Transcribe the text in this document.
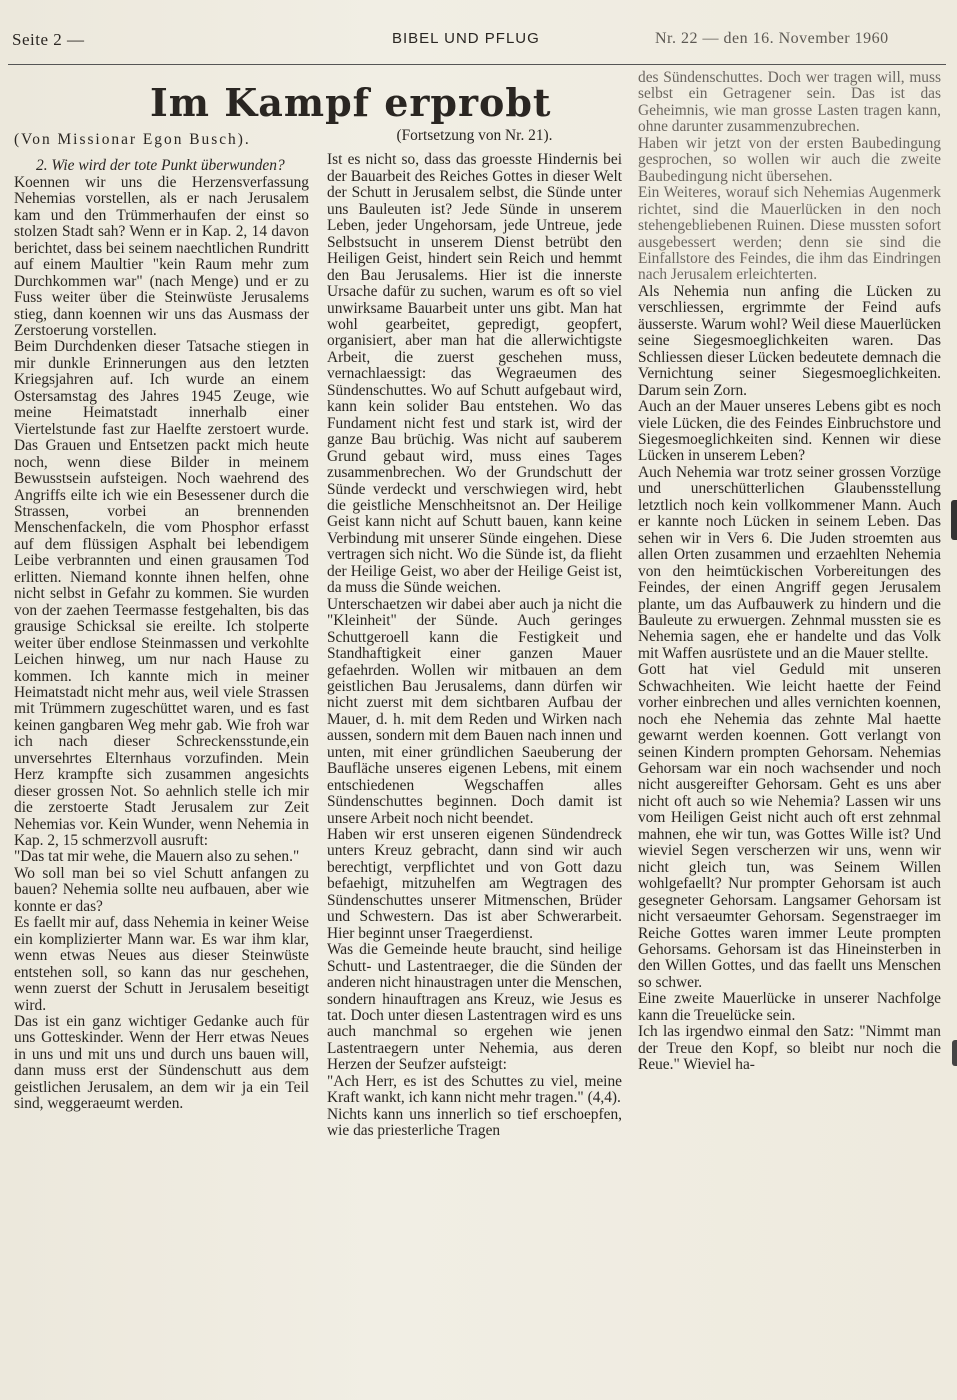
Seite 2 —	BIBEL UND PFLUG	Nr. 22 — den 16. November 1960
Im Kampf erprobt

(Von Missionar Egon Busch).

2. Wie wird der tote Punkt überwunden?

Koennen wir uns die Herzensverfassung Nehemias vorstellen, als er nach Jerusalem kam und den Trümmerhaufen der einst so stolzen Stadt sah? Wenn er in Kap. 2, 14 davon berichtet, dass bei seinem naechtlichen Rundritt auf einem Maultier "kein Raum mehr zum Durchkommen war" (nach Menge) und er zu Fuss weiter über die Steinwüste Jerusalems stieg, dann koennen wir uns das Ausmass der Zerstoerung vorstellen.

Beim Durchdenken dieser Tatsache stiegen in mir dunkle Erinnerungen aus den letzten Kriegsjahren auf. Ich wurde an einem Ostersamstag des Jahres 1945 Zeuge, wie meine Heimatstadt innerhalb einer Viertelstunde fast zur Haelfte zerstoert wurde. Das Grauen und Entsetzen packt mich heute noch, wenn diese Bilder in meinem Bewusstsein aufsteigen. Noch waehrend des Angriffs eilte ich wie ein Besessener durch die Strassen, vorbei an brennenden Menschenfackeln, die vom Phosphor erfasst auf dem flüssigen Asphalt bei lebendigem Leibe verbrannten und einen grausamen Tod erlitten. Niemand konnte ihnen helfen, ohne nicht selbst in Gefahr zu kommen. Sie wurden von der zaehen Teermasse festgehalten, bis das grausige Schicksal sie ereilte. Ich stolperte weiter über endlose Steinmassen und verkohlte Leichen hinweg, um nur nach Hause zu kommen. Ich kannte mich in meiner Heimatstadt nicht mehr aus, weil viele Strassen mit Trümmern zugeschüttet waren, und es fast keinen gangbaren Weg mehr gab. Wie froh war ich nach dieser Schreckensstunde,ein unversehrtes Elternhaus vorzufinden. Mein Herz krampfte sich zusammen angesichts dieser grossen Not. So aehnlich stelle ich mir die zerstoerte Stadt Jerusalem zur Zeit Nehemias vor. Kein Wunder, wenn Nehemia in Kap. 2, 15 schmerzvoll ausruft:

"Das tat mir wehe, die Mauern also zu sehen."

Wo soll man bei so viel Schutt anfangen zu bauen? Nehemia sollte neu aufbauen, aber wie konnte er das?

Es faellt mir auf, dass Nehemia in keiner Weise ein komplizierter Mann war. Es war ihm klar, wenn etwas Neues aus dieser Steinwüste entstehen soll, so kann das nur geschehen, wenn zuerst der Schutt in Jerusalem beseitigt wird.

Das ist ein ganz wichtiger Gedanke auch für uns Gotteskinder. Wenn der Herr etwas Neues in uns und mit uns und durch uns bauen will, dann muss erst der Sündenschutt aus dem geistlichen Jerusalem, an dem wir ja ein Teil sind, weggeraeumt werden.

(Fortsetzung von Nr. 21).

Ist es nicht so, dass das groesste Hindernis bei der Bauarbeit des Reiches Gottes in dieser Welt der Schutt in Jerusalem selbst, die Sünde unter uns Bauleuten ist? Jede Sünde in unserem Leben, jeder Ungehorsam, jede Untreue, jede Selbstsucht in unserem Dienst betrübt den Heiligen Geist, hindert sein Reich und hemmt den Bau Jerusalems. Hier ist die innerste Ursache dafür zu suchen, warum es oft so viel unwirksame Bauarbeit unter uns gibt. Man hat wohl gearbeitet, gepredigt, geopfert, organisiert, aber man hat die allerwichtigste Arbeit, die zuerst geschehen muss, vernachlaessigt: das Wegraeumen des Sündenschuttes. Wo auf Schutt aufgebaut wird, kann kein solider Bau entstehen. Wo das Fundament nicht fest und stark ist, wird der ganze Bau brüchig. Was nicht auf sauberem Grund gebaut wird, muss eines Tages zusammenbrechen. Wo der Grundschutt der Sünde verdeckt und verschwiegen wird, hebt die geistliche Menschheitsnot an. Der Heilige Geist kann nicht auf Schutt bauen, kann keine Verbindung mit unserer Sünde eingehen. Diese vertragen sich nicht. Wo die Sünde ist, da flieht der Heilige Geist, wo aber der Heilige Geist ist, da muss die Sünde weichen.

Unterschaetzen wir dabei aber auch ja nicht die "Kleinheit" der Sünde. Auch geringes Schuttgeroell kann die Festigkeit und Standhaftigkeit einer ganzen Mauer gefaehrden. Wollen wir mitbauen an dem geistlichen Bau Jerusalems, dann dürfen wir nicht zuerst mit dem sichtbaren Aufbau der Mauer, d. h. mit dem Reden und Wirken nach aussen, sondern mit dem Bauen nach innen und unten, mit einer gründlichen Saeuberung der Baufläche unseres eigenen Lebens, mit einem entschiedenen Wegschaffen alles Sündenschuttes beginnen. Doch damit ist unsere Arbeit noch nicht beendet.

Haben wir erst unseren eigenen Sündendreck unters Kreuz gebracht, dann sind wir auch berechtigt, verpflichtet und von Gott dazu befaehigt, mitzuhelfen am Wegtragen des Sündenschuttes unserer Mitmenschen, Brüder und Schwestern. Das ist aber Schwerarbeit. Hier beginnt unser Traegerdienst.

Was die Gemeinde heute braucht, sind heilige Schutt- und Lastentraeger, die die Sünden der anderen nicht hinaustragen unter die Menschen, sondern hinauftragen ans Kreuz, wie Jesus es tat. Doch unter diesen Lastentragen wird es uns auch manchmal so ergehen wie jenen Lastentraegern unter Nehemia, aus deren Herzen der Seufzer aufsteigt:

"Ach Herr, es ist des Schuttes zu viel, meine Kraft wankt, ich kann nicht mehr tragen." (4,4).

Nichts kann uns innerlich so tief erschoepfen, wie das priesterliche Tragen

des Sündenschuttes. Doch wer tragen will, muss selbst ein Getragener sein. Das ist das Geheimnis, wie man grosse Lasten tragen kann, ohne darunter zusammenzubrechen.

Haben wir jetzt von der ersten Baubedingung gesprochen, so wollen wir auch die zweite Baubedingung nicht übersehen.

Ein Weiteres, worauf sich Nehemias Augenmerk richtet, sind die Mauerlücken in den noch stehengebliebenen Ruinen. Diese mussten sofort ausgebessert werden; denn sie sind die Einfallstore des Feindes, die ihm das Eindringen nach Jerusalem erleichterten.

Als Nehemia nun anfing die Lücken zu verschliessen, ergrimmte der Feind aufs äusserste. Warum wohl? Weil diese Mauerlücken seine Siegesmoeglichkeiten waren. Das Schliessen dieser Lücken bedeutete demnach die Vernichtung seiner Siegesmoeglichkeiten. Darum sein Zorn.

Auch an der Mauer unseres Lebens gibt es noch viele Lücken, die des Feindes Einbruchstore und Siegesmoeglichkeiten sind. Kennen wir diese Lücken in unserem Leben?

Auch Nehemia war trotz seiner grossen Vorzüge und unerschütterlichen Glaubensstellung letztlich noch kein vollkommener Mann. Auch er kannte noch Lücken in seinem Leben. Das sehen wir in Vers 6. Die Juden stroemten aus allen Orten zusammen und erzaehlten Nehemia von den heimtückischen Vorbereitungen des Feindes, der einen Angriff gegen Jerusalem plante, um das Aufbauwerk zu hindern und die Bauleute zu erwuergen. Zehnmal mussten sie es Nehemia sagen, ehe er handelte und das Volk mit Waffen ausrüstete und an die Mauer stellte.

Gott hat viel Geduld mit unseren Schwachheiten. Wie leicht haette der Feind vorher einbrechen und alles vernichten koennen, noch ehe Nehemia das zehnte Mal haette gewarnt werden koennen. Gott verlangt von seinen Kindern prompten Gehorsam. Nehemias Gehorsam war ein noch wachsender und noch nicht ausgereifter Gehorsam. Geht es uns aber nicht oft auch so wie Nehemia? Lassen wir uns vom Heiligen Geist nicht auch oft erst zehnmal mahnen, ehe wir tun, was Gottes Wille ist? Und wieviel Segen verscherzen wir uns, wenn wir nicht gleich tun, was Seinem Willen wohlgefaellt? Nur prompter Gehorsam ist auch gesegneter Gehorsam. Langsamer Gehorsam ist nicht versaeumter Gehorsam. Segenstraeger im Reiche Gottes waren immer Leute prompten Gehorsams. Gehorsam ist das Hineinsterben in den Willen Gottes, und das faellt uns Menschen so schwer.

Eine zweite Mauerlücke in unserer Nachfolge kann die Treuelücke sein.

Ich las irgendwo einmal den Satz: "Nimmt man der Treue den Kopf, so bleibt nur noch die Reue." Wieviel ha-
